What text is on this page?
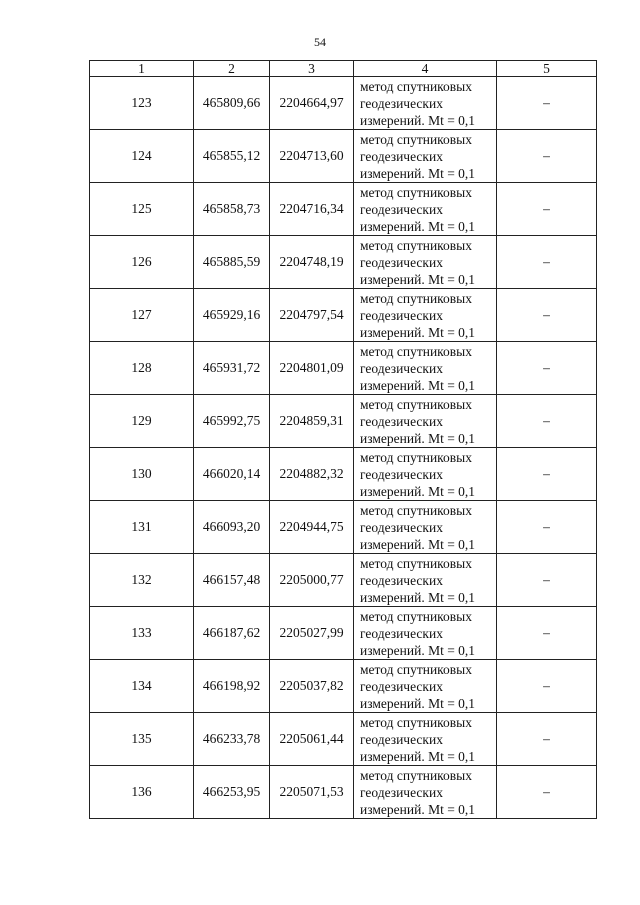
54
1	2	3	4	5
123	465809,66	2204664,97	метод спутниковых
геодезических
измерений. Mt = 0,1	–
124	465855,12	2204713,60	метод спутниковых
геодезических
измерений. Mt = 0,1	–
125	465858,73	2204716,34	метод спутниковых
геодезических
измерений. Mt = 0,1	–
126	465885,59	2204748,19	метод спутниковых
геодезических
измерений. Mt = 0,1	–
127	465929,16	2204797,54	метод спутниковых
геодезических
измерений. Mt = 0,1	–
128	465931,72	2204801,09	метод спутниковых
геодезических
измерений. Mt = 0,1	–
129	465992,75	2204859,31	метод спутниковых
геодезических
измерений. Mt = 0,1	–
130	466020,14	2204882,32	метод спутниковых
геодезических
измерений. Mt = 0,1	–
131	466093,20	2204944,75	метод спутниковых
геодезических
измерений. Mt = 0,1	–
132	466157,48	2205000,77	метод спутниковых
геодезических
измерений. Mt = 0,1	–
133	466187,62	2205027,99	метод спутниковых
геодезических
измерений. Mt = 0,1	–
134	466198,92	2205037,82	метод спутниковых
геодезических
измерений. Mt = 0,1	–
135	466233,78	2205061,44	метод спутниковых
геодезических
измерений. Mt = 0,1	–
136	466253,95	2205071,53	метод спутниковых
геодезических
измерений. Mt = 0,1	–
